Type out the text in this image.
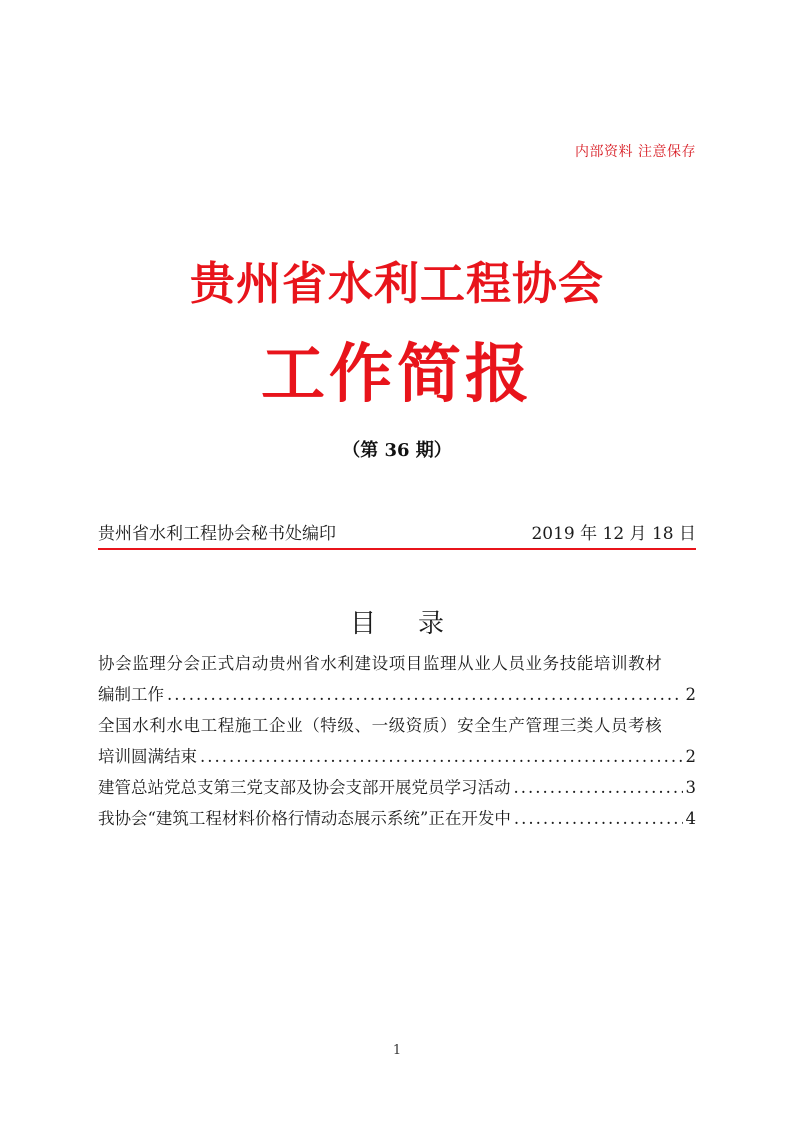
内部资料 注意保存
贵州省水利工程协会
工作简报
（第 36 期）
贵州省水利工程协会秘书处编印	2019 年 12 月 18 日
目 录
协会监理分会正式启动贵州省水利建设项目监理从业人员业务技能培训教材
编制工作 .....	2
全国水利水电工程施工企业（特级、一级资质）安全生产管理三类人员考核
培训圆满结束 .....	2
建管总站党总支第三党支部及协会支部开展党员学习活动 .....	3
我协会“建筑工程材料价格行情动态展示系统”正在开发中 .....	4
1
